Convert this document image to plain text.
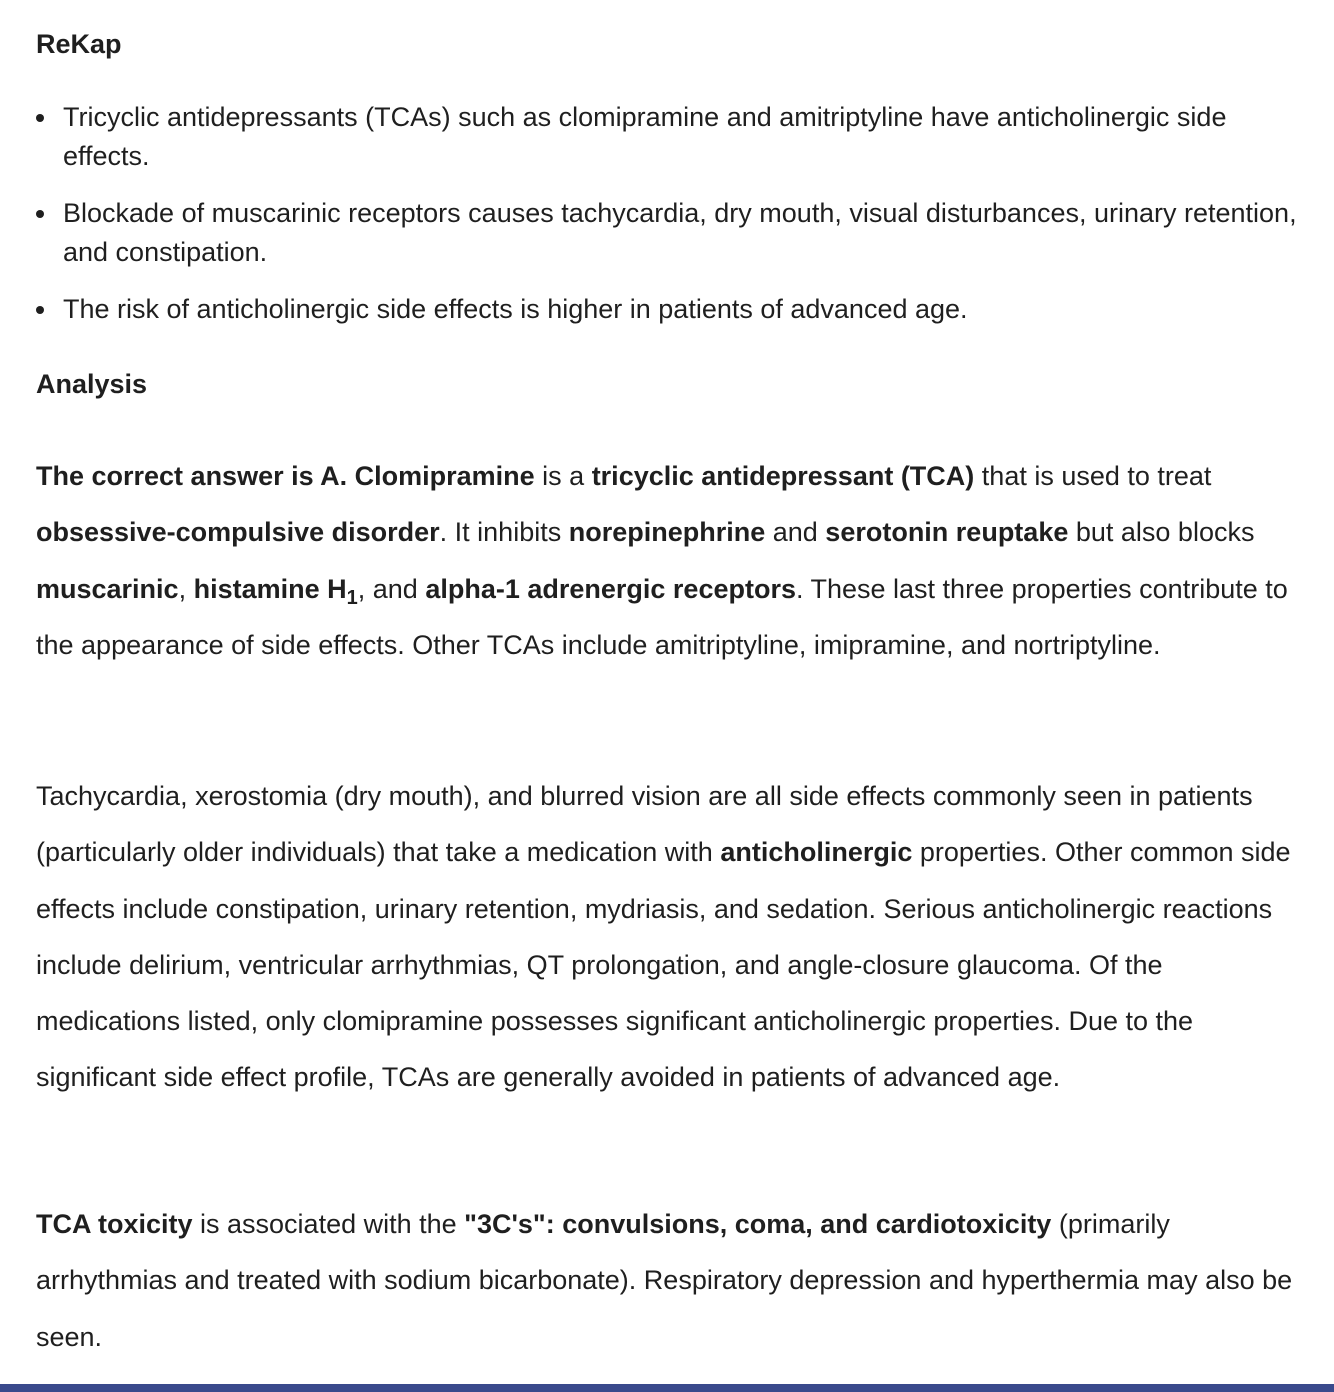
ReKap
Tricyclic antidepressants (TCAs) such as clomipramine and amitriptyline have anticholinergic side effects.
Blockade of muscarinic receptors causes tachycardia, dry mouth, visual disturbances, urinary retention, and constipation.
The risk of anticholinergic side effects is higher in patients of advanced age.
Analysis

The correct answer is A. Clomipramine is a tricyclic antidepressant (TCA) that is used to treat obsessive-compulsive disorder. It inhibits norepinephrine and serotonin reuptake but also blocks muscarinic, histamine $H_1$, and alpha-1 adrenergic receptors. These last three properties contribute to the appearance of side effects. Other TCAs include amitriptyline, imipramine, and nortriptyline.

Tachycardia, xerostomia (dry mouth), and blurred vision are all side effects commonly seen in patients (particularly older individuals) that take a medication with anticholinergic properties. Other common side effects include constipation, urinary retention, mydriasis, and sedation. Serious anticholinergic reactions include delirium, ventricular arrhythmias, QT prolongation, and angle-closure glaucoma. Of the medications listed, only clomipramine possesses significant anticholinergic properties. Due to the significant side effect profile, TCAs are generally avoided in patients of advanced age.

TCA toxicity is associated with the "3C's": convulsions, coma, and cardiotoxicity (primarily arrhythmias and treated with sodium bicarbonate). Respiratory depression and hyperthermia may also be seen.
